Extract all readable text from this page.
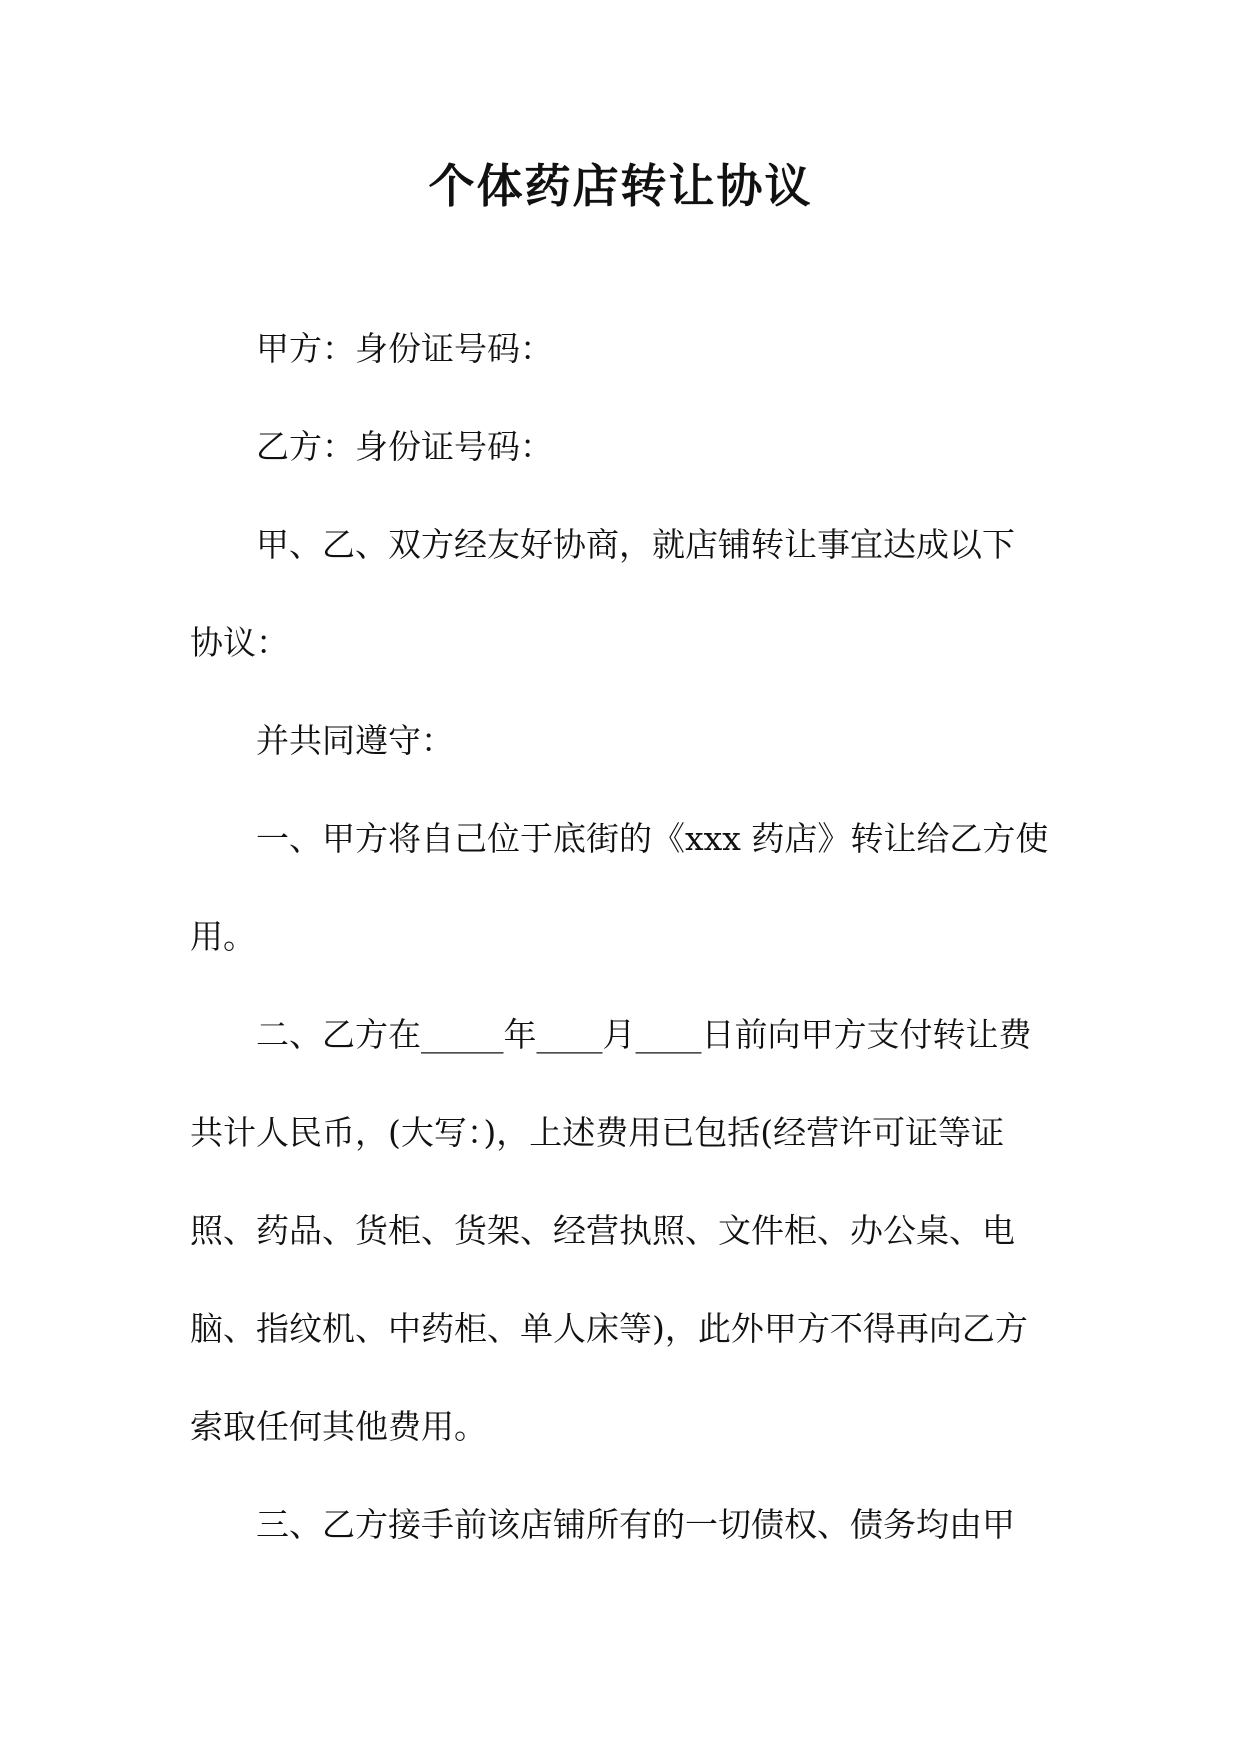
个体药店转让协议

甲方：身份证号码：

乙方：身份证号码：

甲、乙、双方经友好协商，就店铺转让事宜达成以下

协议：

并共同遵守：

一、甲方将自己位于底街的《xxx 药店》转让给乙方使

用。

二、乙方在_____年____月____日前向甲方支付转让费

共计人民币，(大写：)，上述费用已包括(经营许可证等证

照、药品、货柜、货架、经营执照、文件柜、办公桌、电

脑、指纹机、中药柜、单人床等)，此外甲方不得再向乙方

索取任何其他费用。

三、乙方接手前该店铺所有的一切债权、债务均由甲
